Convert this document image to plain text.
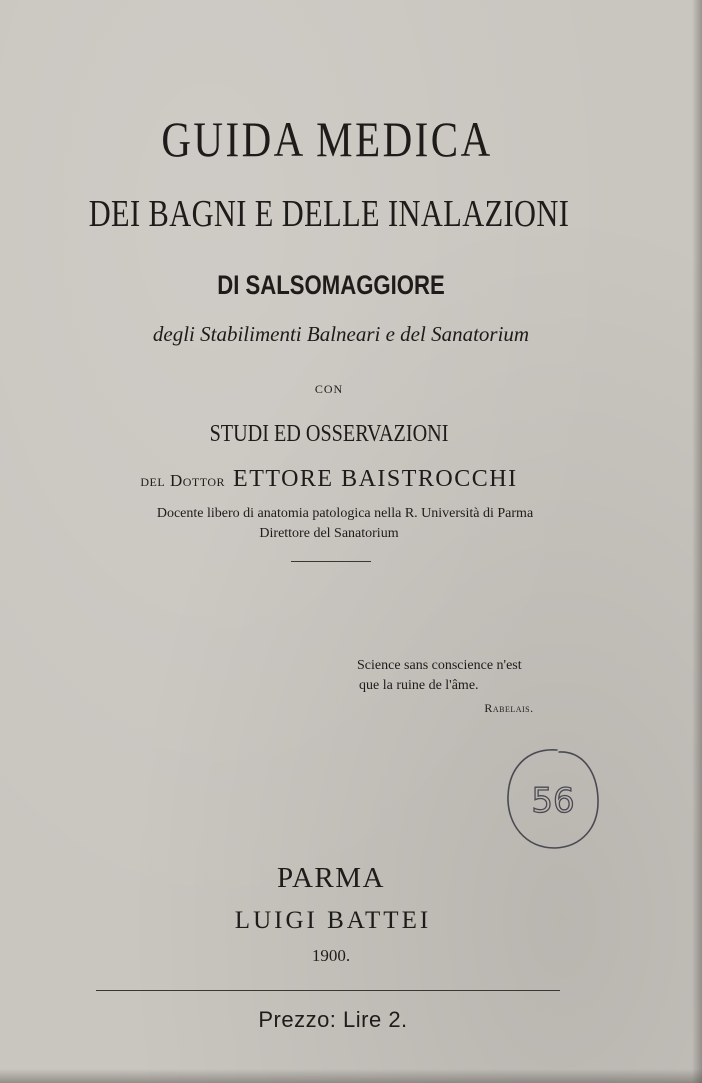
GUIDA MEDICA
DEI BAGNI E DELLE INALAZIONI
DI SALSOMAGGIORE
degli Stabilimenti Balneari e del Sanatorium
CON
STUDI ED OSSERVAZIONI
del Dottor ETTORE BAISTROCCHI
Docente libero di anatomia patologica nella R. Università di Parma
Direttore del Sanatorium
Science sans conscience n'est
que la ruine de l'âme.
Rabelais.
56
PARMA
LUIGI BATTEI
1900.
Prezzo: Lire 2.
